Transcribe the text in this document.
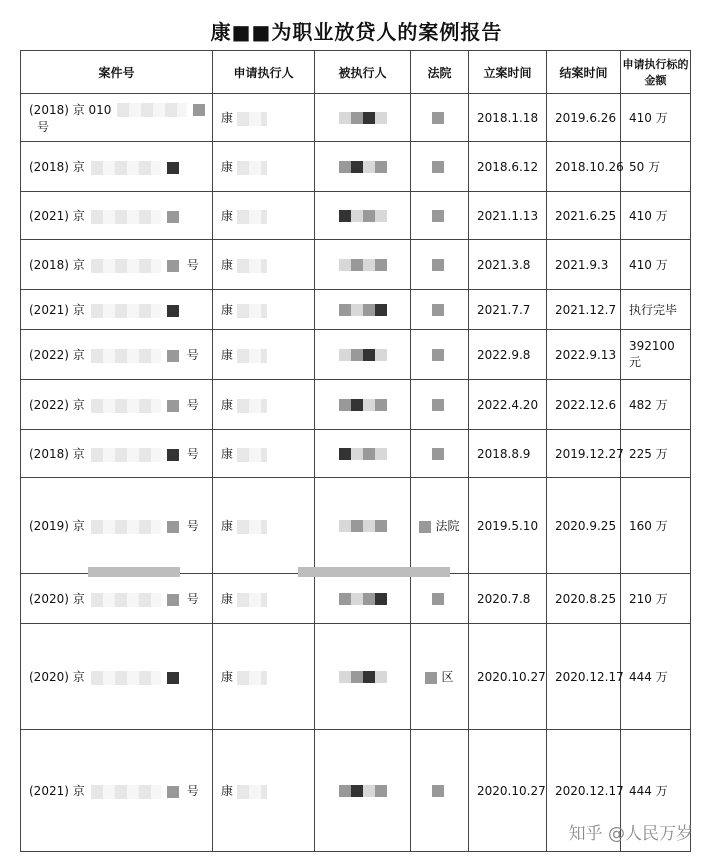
康■■为职业放贷人的案例报告
案件号	申请执行人	被执行人	法院	立案时间	结案时间	申请执行标的金额
(2018) 京 010号	康			2018.1.18	2019.6.26	410 万
(2018) 京	康			2018.6.12	2018.10.26	50 万
(2021) 京	康			2021.1.13	2021.6.25	410 万
(2018) 京 号	康			2021.3.8	2021.9.3	410 万
(2021) 京	康			2021.7.7	2021.12.7	执行完毕
(2022) 京 号	康			2022.9.8	2022.9.13	392100 元
(2022) 京 号	康			2022.4.20	2022.12.6	482 万
(2018) 京 号	康			2018.8.9	2019.12.27	225 万
(2019) 京 号	康		法院	2019.5.10	2020.9.25	160 万
(2020) 京 号	康			2020.7.8	2020.8.25	210 万
(2020) 京	康		区	2020.10.27	2020.12.17	444 万
(2021) 京 号	康			2020.10.27	2020.12.17	444 万
知乎 @人民万岁
